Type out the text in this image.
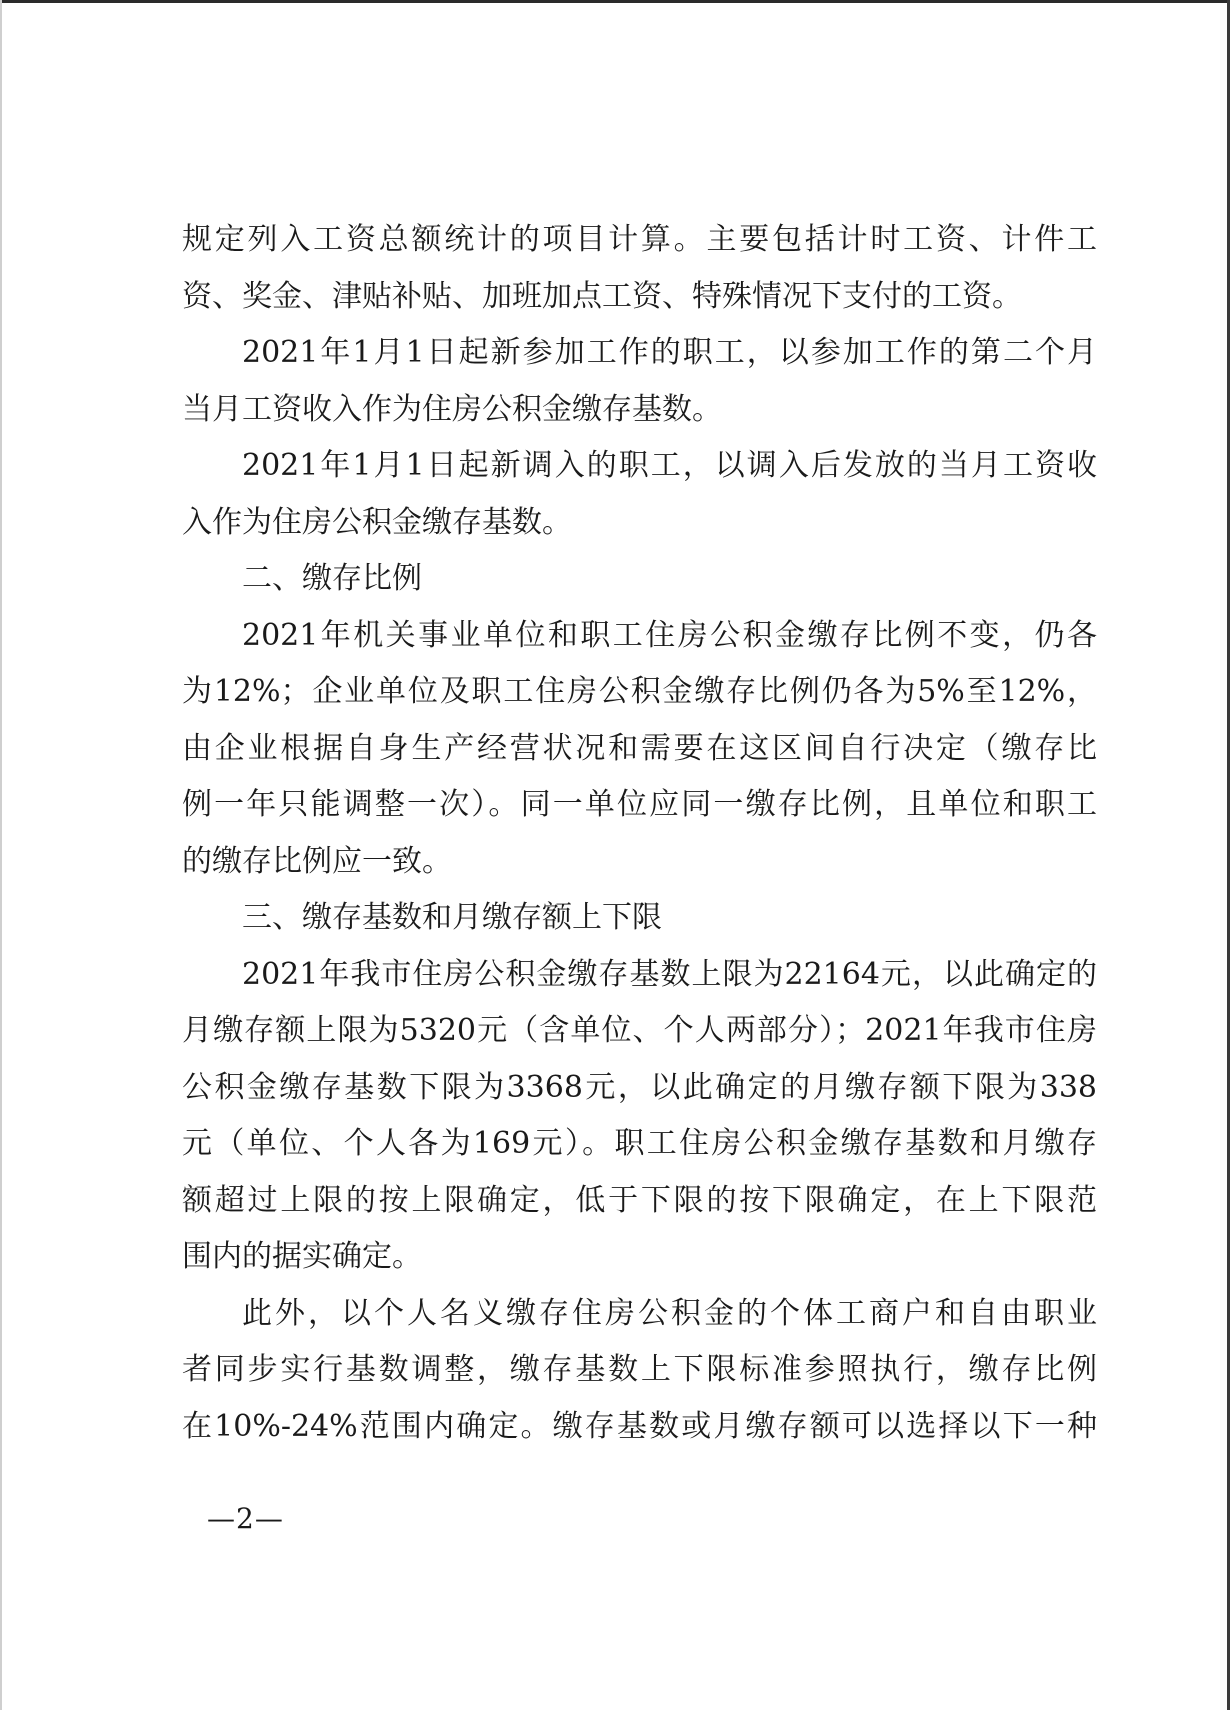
规定列入工资总额统计的项目计算。主要包括计时工资、计件工
资、奖金、津贴补贴、加班加点工资、特殊情况下支付的工资。
2021年1月1日起新参加工作的职工，以参加工作的第二个月
当月工资收入作为住房公积金缴存基数。
2021年1月1日起新调入的职工，以调入后发放的当月工资收
入作为住房公积金缴存基数。
二、缴存比例
2021年机关事业单位和职工住房公积金缴存比例不变，仍各
为12%；企业单位及职工住房公积金缴存比例仍各为5%至12%，
由企业根据自身生产经营状况和需要在这区间自行决定（缴存比
例一年只能调整一次）。同一单位应同一缴存比例，且单位和职工
的缴存比例应一致。
三、缴存基数和月缴存额上下限
2021年我市住房公积金缴存基数上限为22164元，以此确定的
月缴存额上限为5320元（含单位、个人两部分）；2021年我市住房
公积金缴存基数下限为3368元，以此确定的月缴存额下限为338
元（单位、个人各为169元）。职工住房公积金缴存基数和月缴存
额超过上限的按上限确定，低于下限的按下限确定，在上下限范
围内的据实确定。
此外，以个人名义缴存住房公积金的个体工商户和自由职业
者同步实行基数调整，缴存基数上下限标准参照执行，缴存比例
在10%-24%范围内确定。缴存基数或月缴存额可以选择以下一种
—2—
